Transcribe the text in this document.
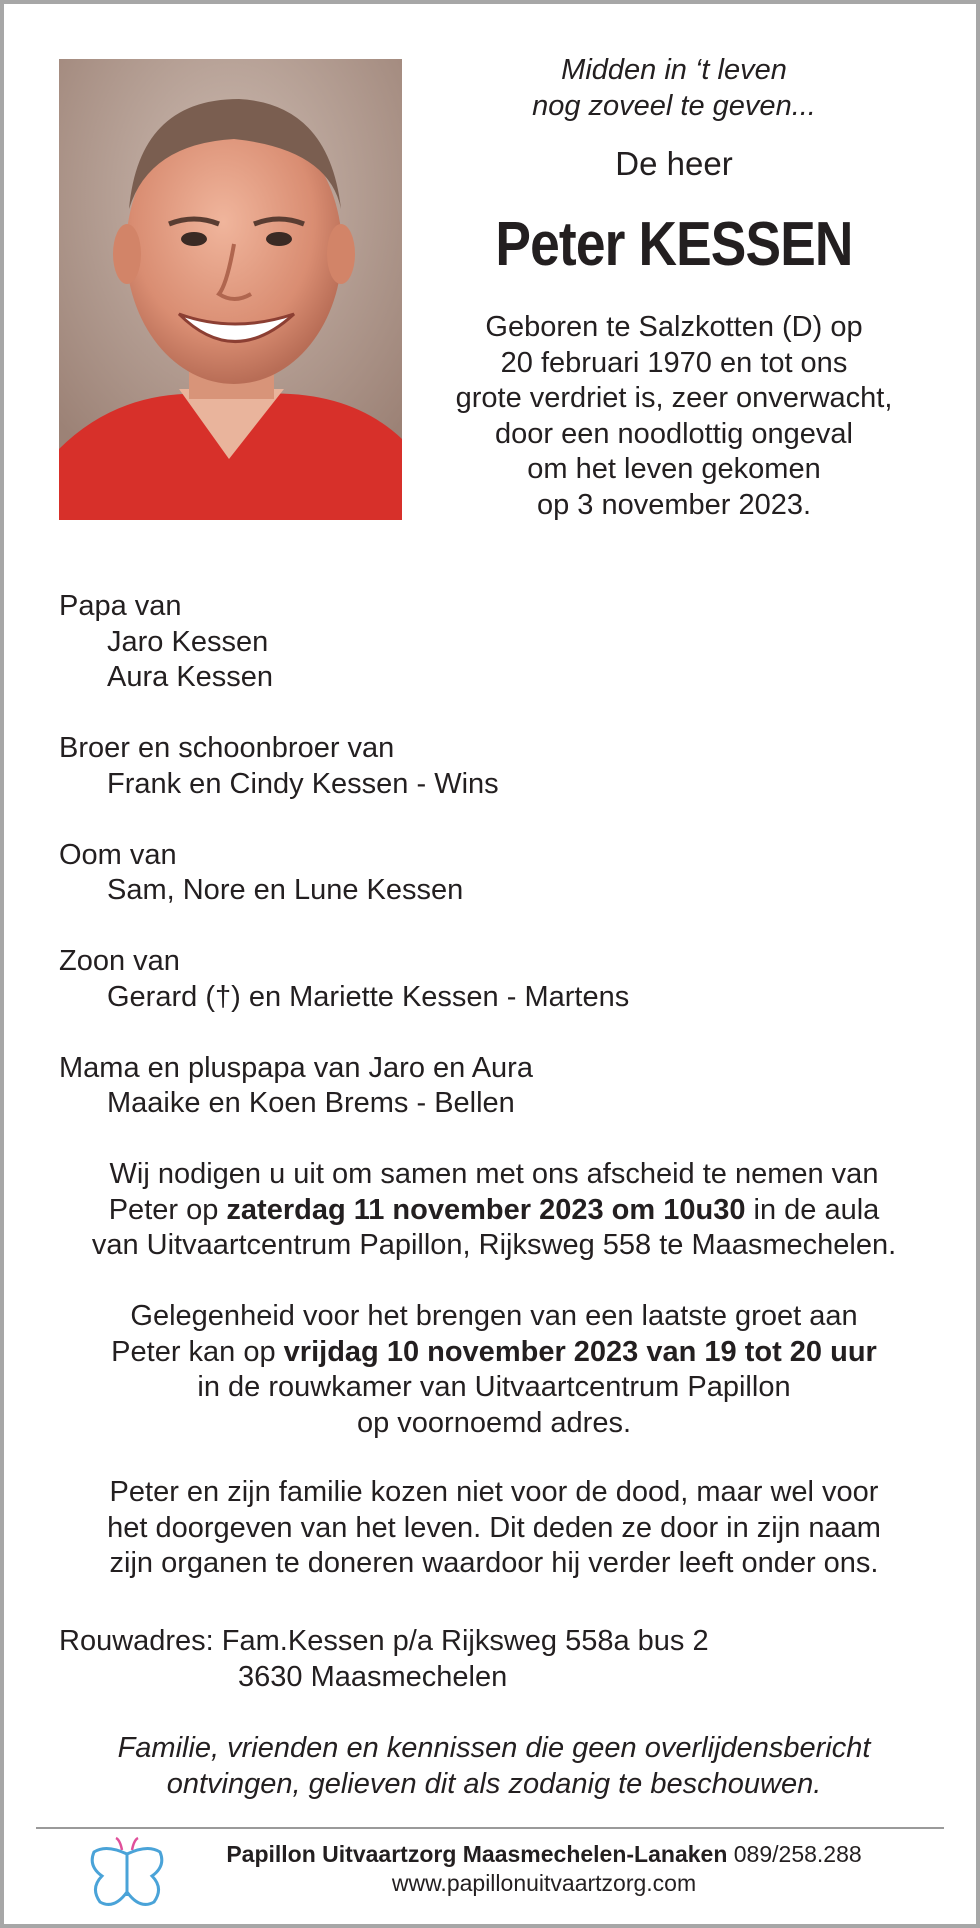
Midden in ‘t leven
nog zoveel te geven...
De heer
Peter KESSEN
Geboren te Salzkotten (D) op
20 februari 1970 en tot ons
grote verdriet is, zeer onverwacht,
door een noodlottig ongeval
om het leven gekomen
op 3 november 2023.
Papa van
Jaro Kessen
Aura Kessen
Broer en schoonbroer van
Frank en Cindy Kessen - Wins
Oom van
Sam, Nore en Lune Kessen
Zoon van
Gerard (†) en Mariette Kessen - Martens
Mama en pluspapa van Jaro en Aura
Maaike en Koen Brems - Bellen
Wij nodigen u uit om samen met ons afscheid te nemen van
Peter op zaterdag 11 november 2023 om 10u30 in de aula
van Uitvaartcentrum Papillon, Rijksweg 558 te Maasmechelen.
Gelegenheid voor het brengen van een laatste groet aan
Peter kan op vrijdag 10 november 2023 van 19 tot 20 uur
in de rouwkamer van Uitvaartcentrum Papillon
op voornoemd adres.
Peter en zijn familie kozen niet voor de dood, maar wel voor
het doorgeven van het leven. Dit deden ze door in zijn naam
zijn organen te doneren waardoor hij verder leeft onder ons.
Rouwadres: Fam.Kessen p/a Rijksweg 558a bus 2
3630 Maasmechelen
Familie, vrienden en kennissen die geen overlijdensbericht
ontvingen, gelieven dit als zodanig te beschouwen.
Papillon Uitvaartzorg Maasmechelen-Lanaken 089/258.288
www.papillonuitvaartzorg.com
